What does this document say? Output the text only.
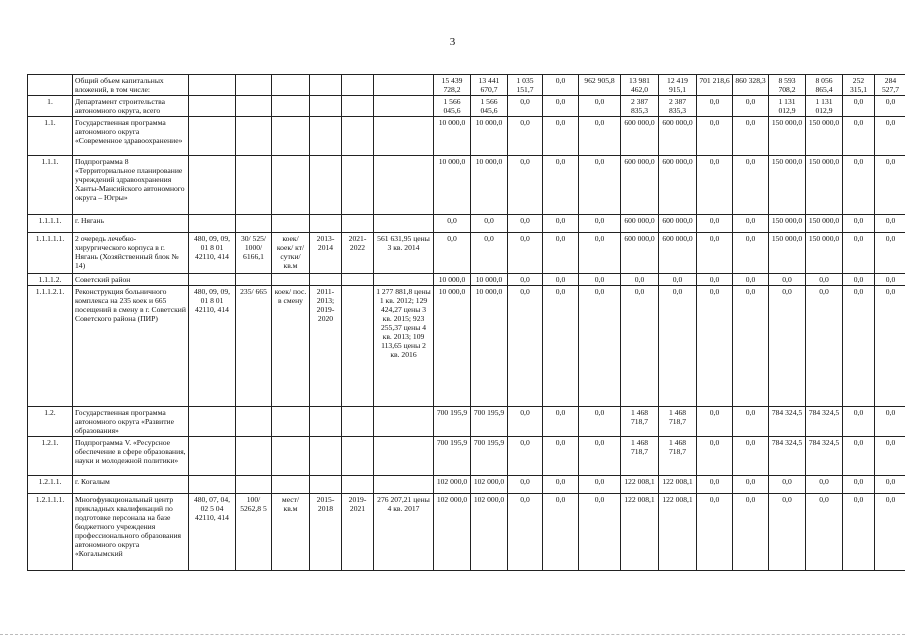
3
	Общий объем капитальных вложений, в том числе:							15 439 728,2	13 441 670,7	1 035 151,7	0,0	962 905,8	13 981 462,0	12 419 915,1	701 218,6	860 328,3	8 593 708,2	8 056 865,4	252 315,1	284 527,7
1.	Департамент строительства автономного округа, всего							1 566 045,6	1 566 045,6	0,0	0,0	0,0	2 387 835,3	2 387 835,3	0,0	0,0	1 131 012,9	1 131 012,9	0,0	0,0
1.1.	Государственная программа автономного округа «Современное здравоохранение»							10 000,0	10 000,0	0,0	0,0	0,0	600 000,0	600 000,0	0,0	0,0	150 000,0	150 000,0	0,0	0,0
1.1.1.	Подпрограмма 8 «Территориальное планирование учреждений здравоохранения Ханты-Мансийского автономного округа – Югры»							10 000,0	10 000,0	0,0	0,0	0,0	600 000,0	600 000,0	0,0	0,0	150 000,0	150 000,0	0,0	0,0
1.1.1.1.	г. Нягань							0,0	0,0	0,0	0,0	0,0	600 000,0	600 000,0	0,0	0,0	150 000,0	150 000,0	0,0	0,0
1.1.1.1.1.	2 очередь лечебно-хирургического корпуса в г. Нягань (Хозяйственный блок № 14)	480, 09, 09, 01 8 01 42110, 414	30/ 525/ 1000/ 6166,1	коек/ коек/ кт/ сутки/ кв.м	2013-2014	2021-2022	561 631,95 цены 3 кв. 2014	0,0	0,0	0,0	0,0	0,0	600 000,0	600 000,0	0,0	0,0	150 000,0	150 000,0	0,0	0,0
1.1.1.2.	Советский район							10 000,0	10 000,0	0,0	0,0	0,0	0,0	0,0	0,0	0,0	0,0	0,0	0,0	0,0
1.1.1.2.1.	Реконструкция больничного комплекса на 235 коек и 665 посещений в смену в г. Советский Советского района (ПИР)	480, 09, 09, 01 8 01 42110, 414	235/ 665	коек/ пос. в смену	2011-2013; 2019-2020		1 277 881,8 цены 1 кв. 2012; 129 424,27 цены 3 кв. 2015; 923 255,37 цены 4 кв. 2013; 109 113,65 цены 2 кв. 2016	10 000,0	10 000,0	0,0	0,0	0,0	0,0	0,0	0,0	0,0	0,0	0,0	0,0	0,0
1.2.	Государственная программа автономного округа «Развитие образования»							700 195,9	700 195,9	0,0	0,0	0,0	1 468 718,7	1 468 718,7	0,0	0,0	784 324,5	784 324,5	0,0	0,0
1.2.1.	Подпрограмма V. «Ресурсное обеспечение в сфере образования, науки и молодежной политики»							700 195,9	700 195,9	0,0	0,0	0,0	1 468 718,7	1 468 718,7	0,0	0,0	784 324,5	784 324,5	0,0	0,0
1.2.1.1.	г. Когалым							102 000,0	102 000,0	0,0	0,0	0,0	122 008,1	122 008,1	0,0	0,0	0,0	0,0	0,0	0,0
1.2.1.1.1.	Многофункциональный центр прикладных квалификаций по подготовке персонала на базе бюджетного учреждения профессионального образования автономного округа «Когалымский	480, 07, 04, 02 5 04 42110, 414	100/ 5262,8 5	мест/ кв.м	2015-2018	2019-2021	276 207,21 цены 4 кв. 2017	102 000,0	102 000,0	0,0	0,0	0,0	122 008,1	122 008,1	0,0	0,0	0,0	0,0	0,0	0,0
